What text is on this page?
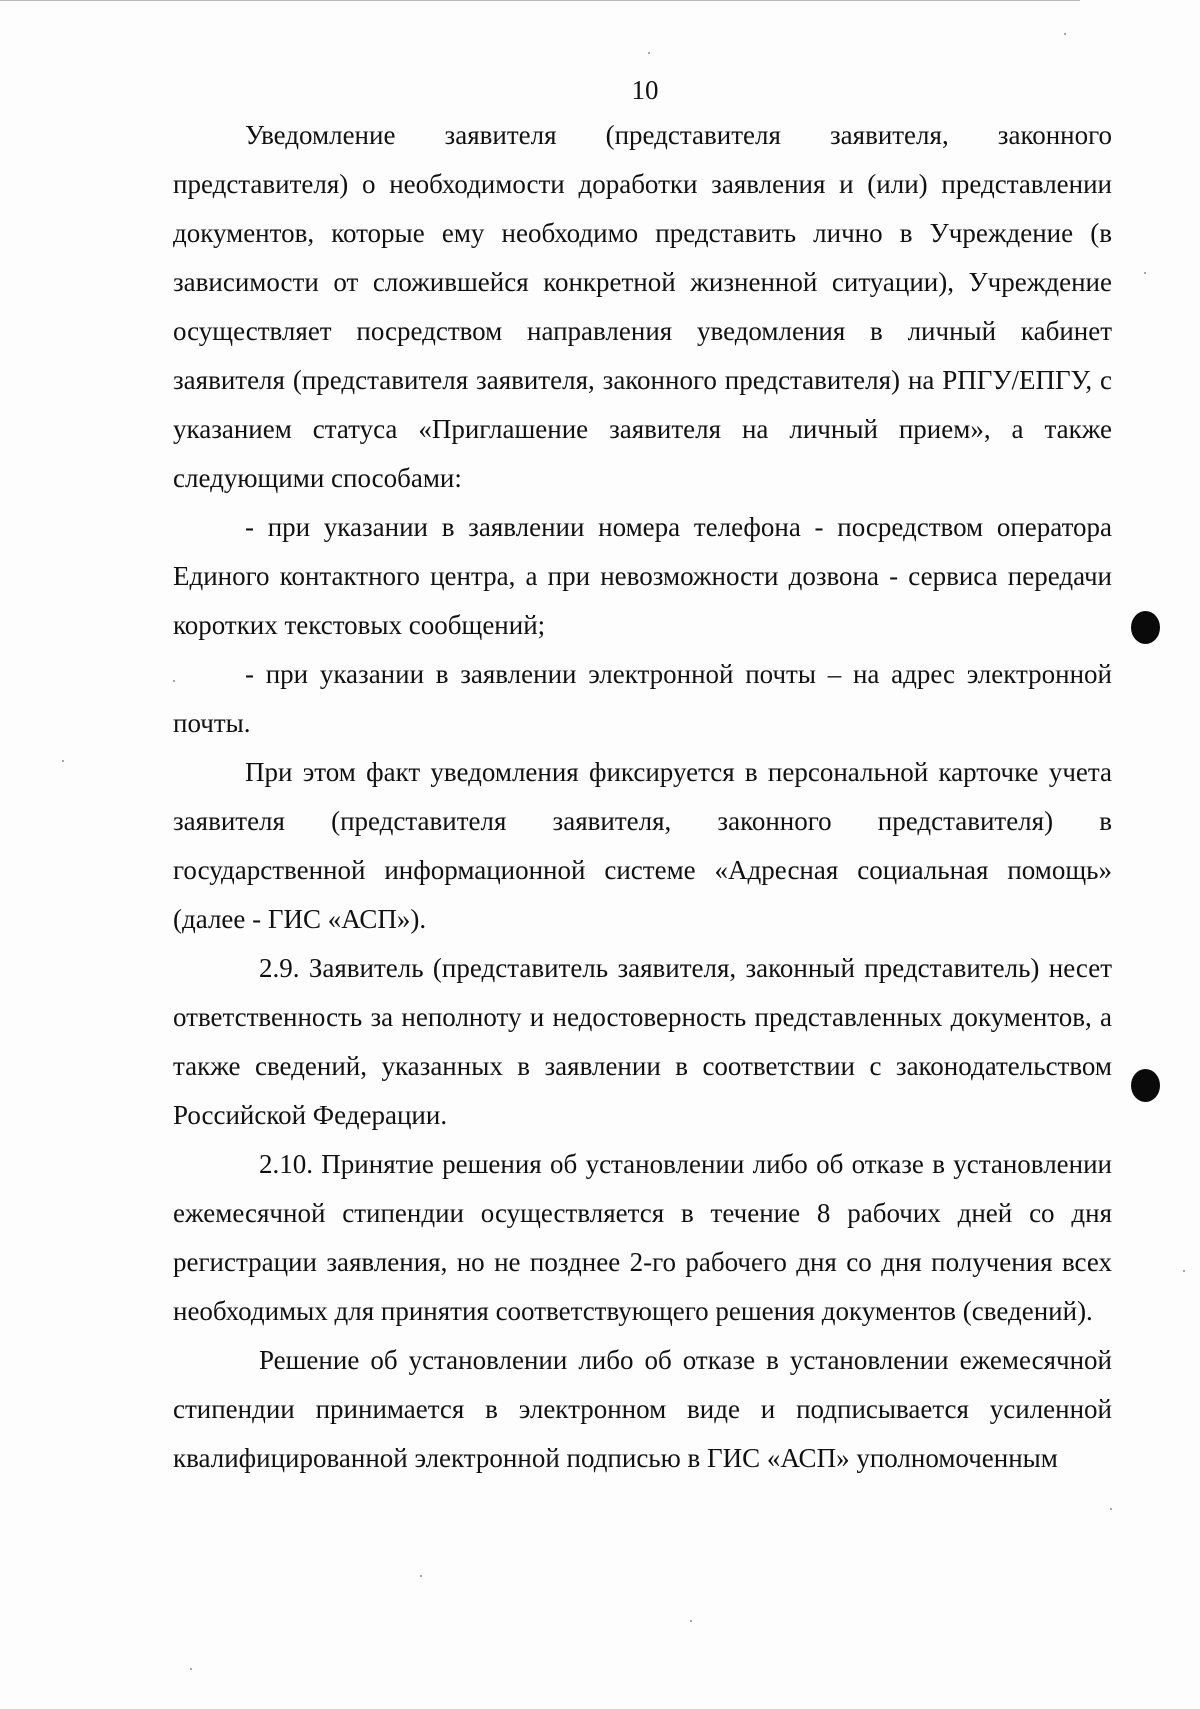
10

Уведомление заявителя (представителя заявителя, законного представителя) о необходимости доработки заявления и (или) представлении документов, которые ему необходимо представить лично в Учреждение (в зависимости от сложившейся конкретной жизненной ситуации), Учреждение осуществляет посредством направления уведомления в личный кабинет заявителя (представителя заявителя, законного представителя) на РПГУ/ЕПГУ, с указанием статуса «Приглашение заявителя на личный прием», а также следующими способами:

- при указании в заявлении номера телефона - посредством оператора Единого контактного центра, а при невозможности дозвона - сервиса передачи коротких текстовых сообщений;

- при указании в заявлении электронной почты – на адрес электронной почты.

При этом факт уведомления фиксируется в персональной карточке учета заявителя (представителя заявителя, законного представителя) в государственной информационной системе «Адресная социальная помощь» (далее - ГИС «АСП»).

2.9. Заявитель (представитель заявителя, законный представитель) несет ответственность за неполноту и недостоверность представленных документов, а также сведений, указанных в заявлении в соответствии с законодательством Российской Федерации.

2.10. Принятие решения об установлении либо об отказе в установлении ежемесячной стипендии осуществляется в течение 8 рабочих дней со дня регистрации заявления, но не позднее 2-го рабочего дня со дня получения всех необходимых для принятия соответствующего решения документов (сведений).

Решение об установлении либо об отказе в установлении ежемесячной стипендии принимается в электронном виде и подписывается усиленной квалифицированной электронной подписью в ГИС «АСП» уполномоченным
